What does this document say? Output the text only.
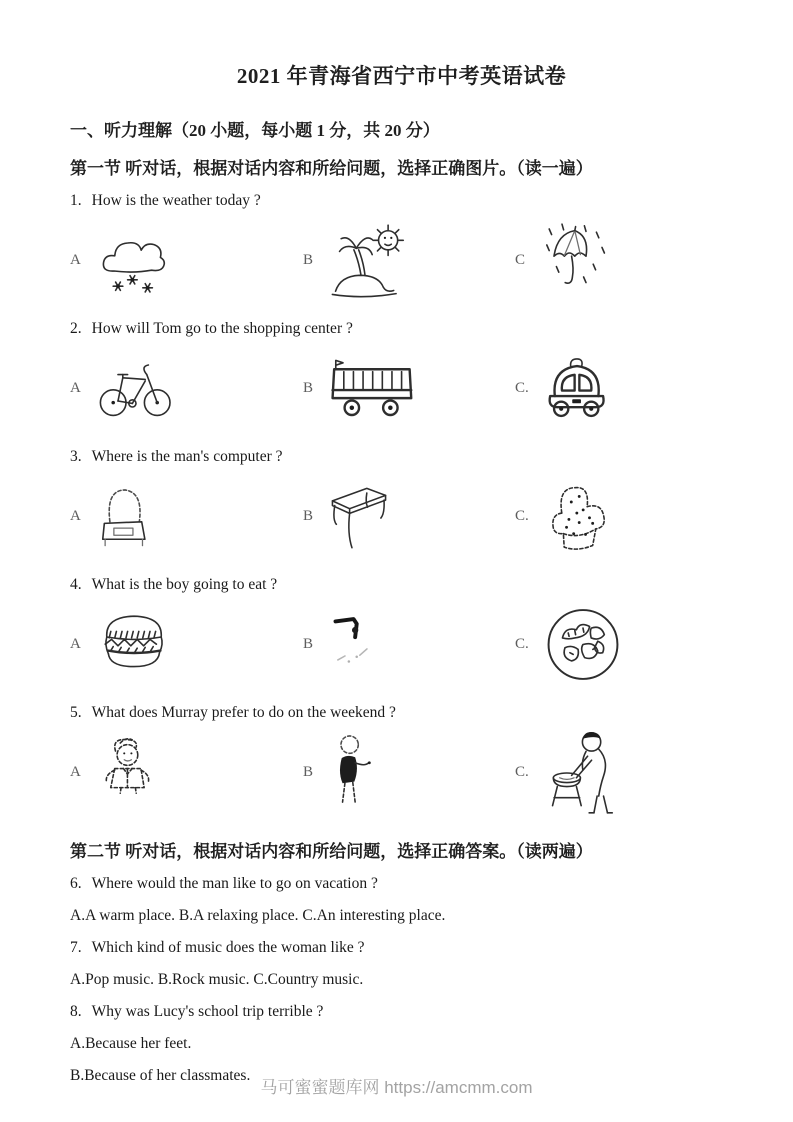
2021 年青海省西宁市中考英语试卷
一、听力理解（20 小题，每小题 1 分，共 20 分）
第一节 听对话，根据对话内容和所给问题，选择正确图片。（读一遍）
1. How is the weather today ?
A	B	C
2. How will Tom go to the shopping center ?
A	B	C.
3. Where is the man's computer ?
A	B	C.
4. What is the boy going to eat ?
A	B	C.
5. What does Murray prefer to do on the weekend ?
A	B	C.
第二节 听对话，根据对话内容和所给问题，选择正确答案。（读两遍）

6. Where would the man like to go on vacation ?

A.A warm place. B.A relaxing place. C.An interesting place.

7. Which kind of music does the woman like ?

A.Pop music. B.Rock music. C.Country music.

8. Why was Lucy's school trip terrible ?

A.Because her feet.

B.Because of her classmates.

马可蜜蜜题库网 https://amcmm.com
